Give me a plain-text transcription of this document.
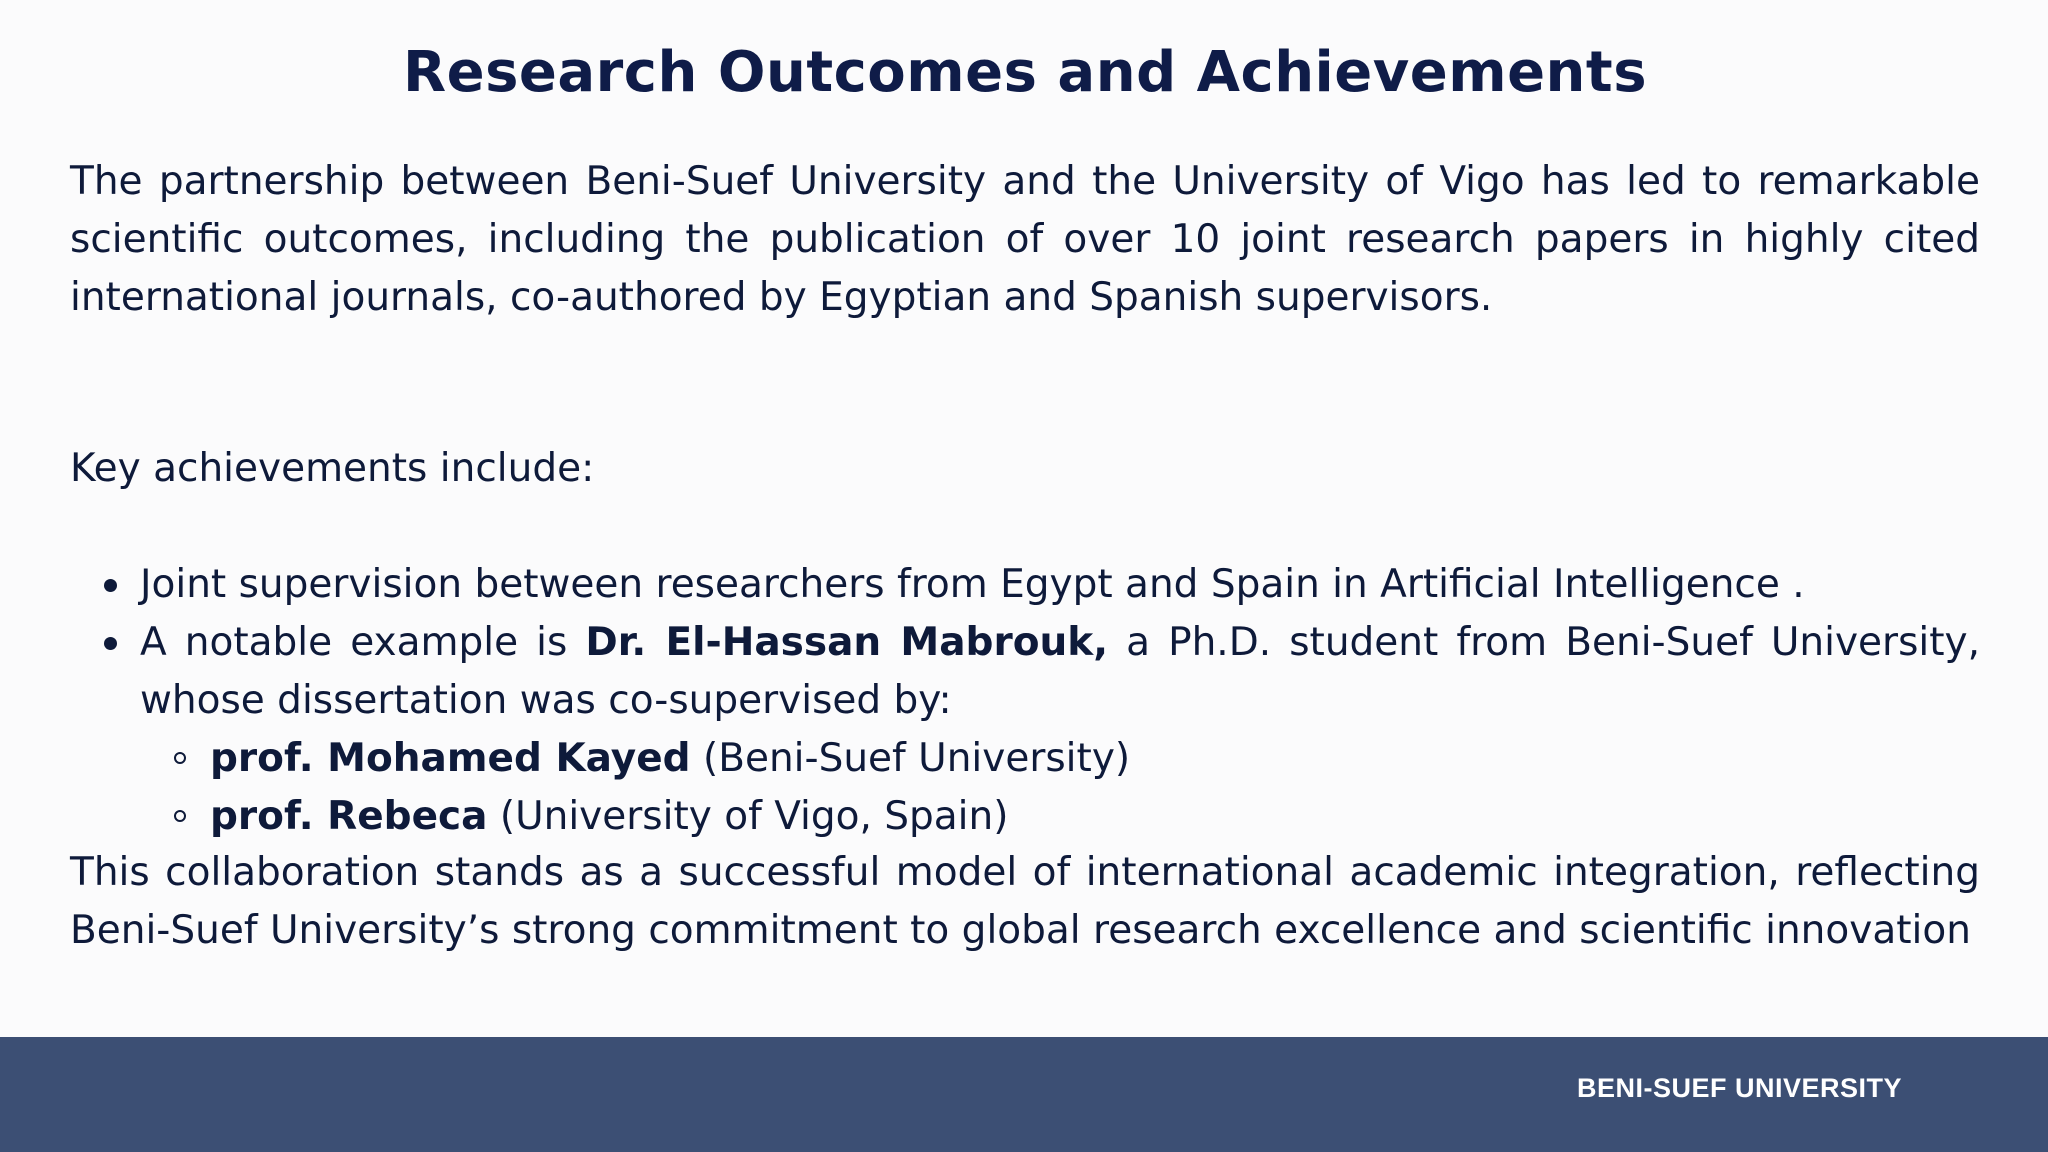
Research Outcomes and Achievements

The partnership between Beni-Suef University and the University of Vigo has led to remarkable scientific outcomes, including the publication of over 10 joint research papers in highly cited international journals, co-authored by Egyptian and Spanish supervisors.

Key achievements include:

Joint supervision between researchers from Egypt and Spain in Artificial Intelligence .
A notable example is Dr. El-Hassan Mabrouk, a Ph.D. student from Beni-Suef University, whose dissertation was co-supervised by:
prof. Mohamed Kayed (Beni-Suef University)
prof. Rebeca (University of Vigo, Spain)

This collaboration stands as a successful model of international academic integration, reflecting Beni-Suef University’s strong commitment to global research excellence and scientific innovation

BENI-SUEF UNIVERSITY
